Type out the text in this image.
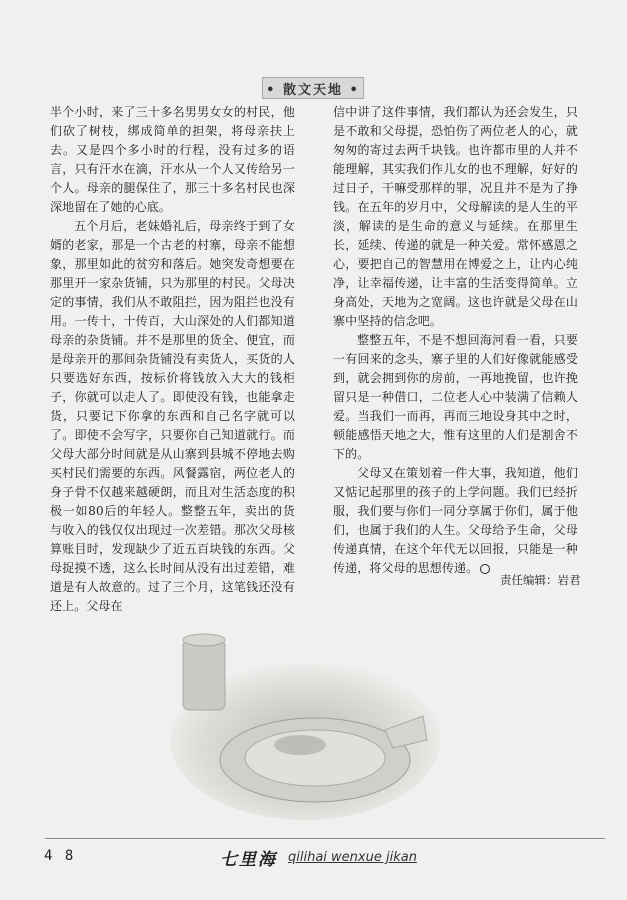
• 散文天地 •

半个小时，来了三十多名男男女女的村民，他们砍了树枝，绑成简单的担架，将母亲扶上去。又是四个多小时的行程，没有过多的语言，只有汗水在滴，汗水从一个人又传给另一个人。母亲的腿保住了，那三十多名村民也深深地留在了她的心底。

五个月后，老妹婚礼后，母亲终于到了女婿的老家，那是一个古老的村寨，母亲不能想象，那里如此的贫穷和落后。她突发奇想要在那里开一家杂货铺，只为那里的村民。父母决定的事情，我们从不敢阻拦，因为阻拦也没有用。一传十，十传百，大山深处的人们都知道母亲的杂货铺。并不是那里的货全、便宜，而是母亲开的那间杂货铺没有卖货人，买货的人只要选好东西，按标价将钱放入大大的钱柜子，你就可以走人了。即使没有钱，也能拿走货，只要记下你拿的东西和自己名字就可以了。即使不会写字，只要你自己知道就行。而父母大部分时间就是从山寨到县城不停地去购买村民们需要的东西。风餐露宿，两位老人的身子骨不仅越来越硬朗，而且对生活态度的积极一如80后的年轻人。整整五年，卖出的货与收入的钱仅仅出现过一次差错。那次父母核算账目时，发现缺少了近五百块钱的东西。父母捉摸不透，这么长时间从没有出过差错，难道是有人故意的。过了三个月，这笔钱还没有还上。父母在

信中讲了这件事情，我们都认为还会发生，只是不敢和父母提，恐怕伤了两位老人的心，就匆匆的寄过去两千块钱。也许都市里的人并不能理解，其实我们作儿女的也不理解，好好的过日子，干嘛受那样的罪，况且并不是为了挣钱。在五年的岁月中，父母解读的是人生的平淡，解读的是生命的意义与延续。在那里生长，延续、传递的就是一种关爱。常怀感恩之心，要把自己的智慧用在博爱之上，让内心纯净，让幸福传递，让丰富的生活变得简单。立身高处，天地为之宽阔。这也许就是父母在山寨中坚持的信念吧。

整整五年，不是不想回海河看一看，只要一有回来的念头，寨子里的人们好像就能感受到，就会拥到你的房前，一再地挽留，也许挽留只是一种借口，二位老人心中装满了信赖人爱。当我们一而再，再而三地设身其中之时，顿能感悟天地之大，惟有这里的人们是割舍不下的。

父母又在策划着一件大事，我知道，他们又惦记起那里的孩子的上学问题。我们已经折服，我们要与你们一同分享属于你们，属于他们，也属于我们的人生。父母给予生命，父母传递真情，在这个年代无以回报，只能是一种传递，将父母的思想传递。

责任编辑：岩君
4 8	七里海 qilihai wenxue jikan
